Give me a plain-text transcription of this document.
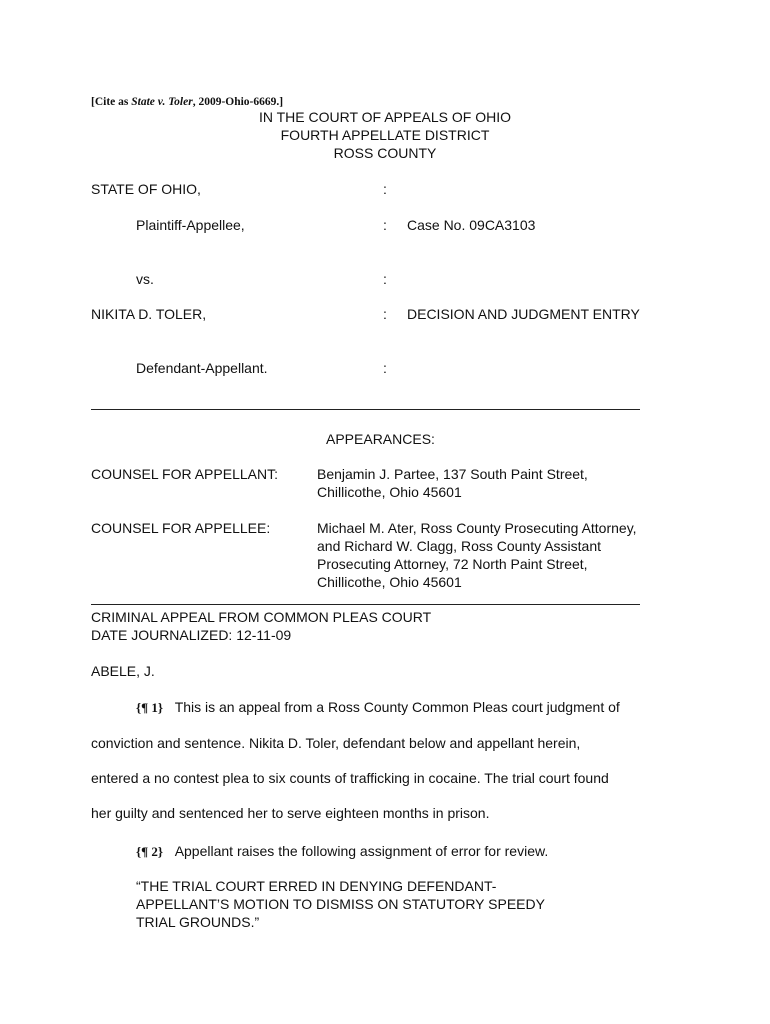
[Cite as State v. Toler, 2009-Ohio-6669.]
IN THE COURT OF APPEALS OF OHIO
FOURTH APPELLATE DISTRICT
ROSS COUNTY
STATE OF OHIO,	:
Plaintiff-Appellee,	: Case No. 09CA3103
vs.	:
NIKITA D. TOLER,	: DECISION AND JUDGMENT ENTRY
Defendant-Appellant.	:
APPEARANCES:
COUNSEL FOR APPELLANT:	Benjamin J. Partee, 137 South Paint Street,
Chillicothe, Ohio 45601
COUNSEL FOR APPELLEE:	Michael M. Ater, Ross County Prosecuting Attorney,
and Richard W. Clagg, Ross County Assistant
Prosecuting Attorney, 72 North Paint Street,
Chillicothe, Ohio 45601
CRIMINAL APPEAL FROM COMMON PLEAS COURT
DATE JOURNALIZED: 12-11-09
ABELE, J.
{¶ 1} This is an appeal from a Ross County Common Pleas court judgment of
conviction and sentence. Nikita D. Toler, defendant below and appellant herein,
entered a no contest plea to six counts of trafficking in cocaine. The trial court found
her guilty and sentenced her to serve eighteen months in prison.
{¶ 2} Appellant raises the following assignment of error for review.
“THE TRIAL COURT ERRED IN DENYING DEFENDANT-
APPELLANT’S MOTION TO DISMISS ON STATUTORY SPEEDY
TRIAL GROUNDS.”
